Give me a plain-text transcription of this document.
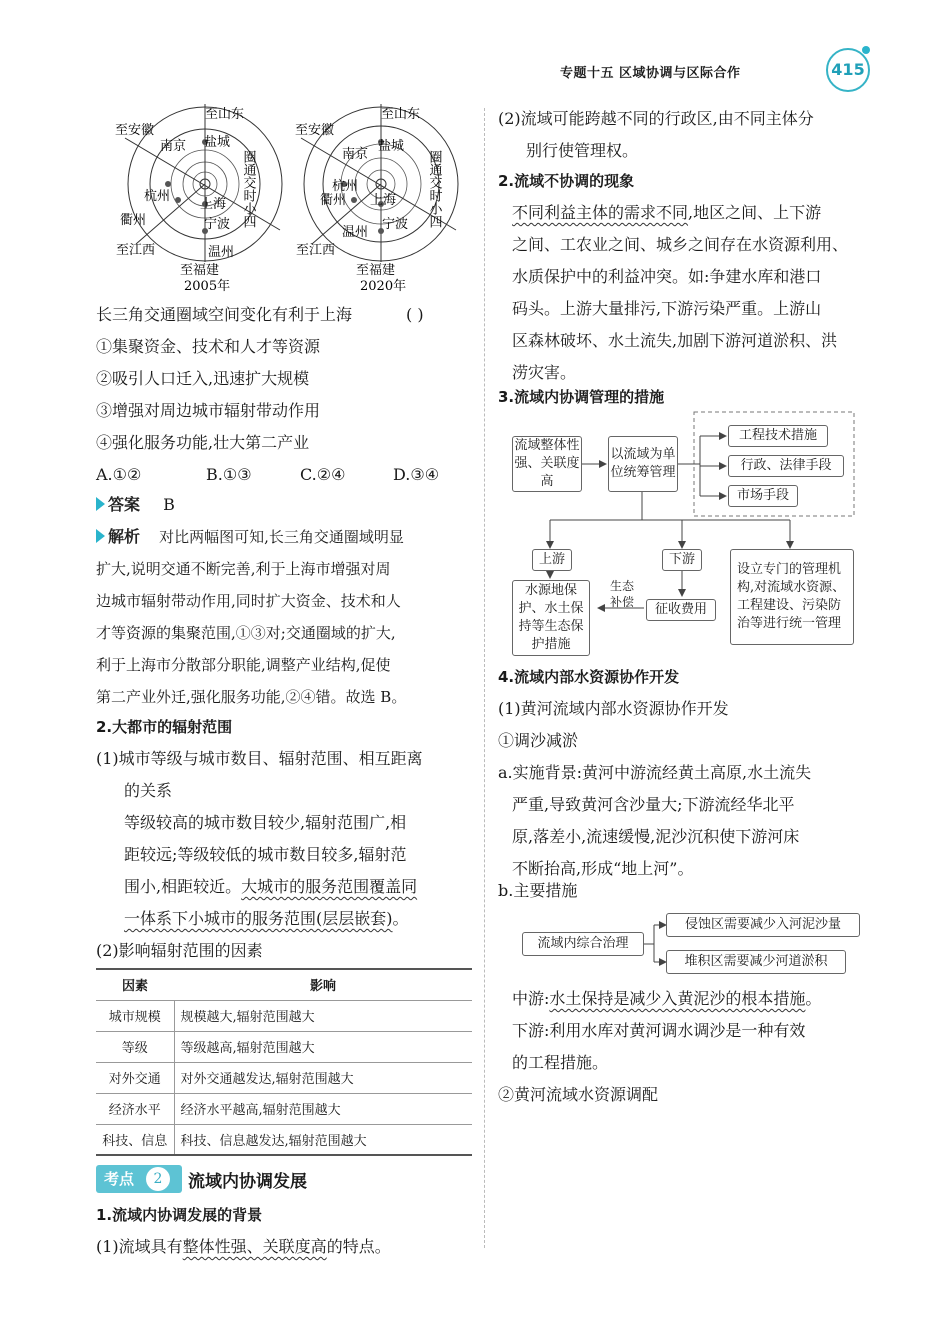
专题十五 区域协调与区际合作	415
至山东
至安徽
南京 盐城
杭州
上海
宁波
衢州
温州
至江西
至福建
2005年
圈通交时小四
至山东
至安徽
南京
盐城
杭州
上海
宁波
衢州
温州
至江西
至福建
2020年
圈通交时小四
长三角交通圈域空间变化有利于上海	( )
①集聚资金、技术和人才等资源
②吸引人口迁入,迅速扩大规模
③增强对周边城市辐射带动作用
④强化服务功能,壮大第二产业
A.①②	B.①③	C.②④	D.③④
答案 B
解析 对比两幅图可知,长三角交通圈域明显
扩大,说明交通不断完善,利于上海市增强对周
边城市辐射带动作用,同时扩大资金、技术和人
才等资源的集聚范围,①③对;交通圈域的扩大,
利于上海市分散部分职能,调整产业结构,促使
第二产业外迁,强化服务功能,②④错。故选 B。
2.大都市的辐射范围
(1)城市等级与城市数目、辐射范围、相互距离
的关系
等级较高的城市数目较少,辐射范围广,相
距较远;等级较低的城市数目较多,辐射范
围小,相距较近。大城市的服务范围覆盖同
一体系下小城市的服务范围(层层嵌套)。
(2)影响辐射范围的因素
因素	影响
城市规模	规模越大,辐射范围越大
等级	等级越高,辐射范围越大
对外交通	对外交通越发达,辐射范围越大
经济水平	经济水平越高,辐射范围越大
科技、信息	科技、信息越发达,辐射范围越大
考点	2	流域内协调发展
1.流域内协调发展的背景
(1)流域具有整体性强、关联度高的特点。
(2)流域可能跨越不同的行政区,由不同主体分
别行使管理权。
2.流域不协调的现象
不同利益主体的需求不同,地区之间、上下游
之间、工农业之间、城乡之间存在水资源利用、
水质保护中的利益冲突。如:争建水库和港口
码头。上游大量排污,下游污染严重。上游山
区森林破坏、水土流失,加剧下游河道淤积、洪
涝灾害。
3.流域内协调管理的措施
流域整体性强、关联度高
以流域为单位统筹管理
工程技术措施
行政、法律手段
市场手段
上游	下游
设立专门的管理机构,对流域水资源、工程建设、污染防治等进行统一管理
水源地保护、水土保持等生态保护措施
征收费用
生态补偿
4.流域内部水资源协作开发
(1)黄河流域内部水资源协作开发
①调沙减淤
a.实施背景:黄河中游流经黄土高原,水土流失
严重,导致黄河含沙量大;下游流经华北平
原,落差小,流速缓慢,泥沙沉积使下游河床
不断抬高,形成“地上河”。
b.主要措施
流域内综合治理
侵蚀区需要减少入河泥沙量
堆积区需要减少河道淤积
中游:水土保持是减少入黄泥沙的根本措施。
下游:利用水库对黄河调水调沙是一种有效
的工程措施。
②黄河流域水资源调配
